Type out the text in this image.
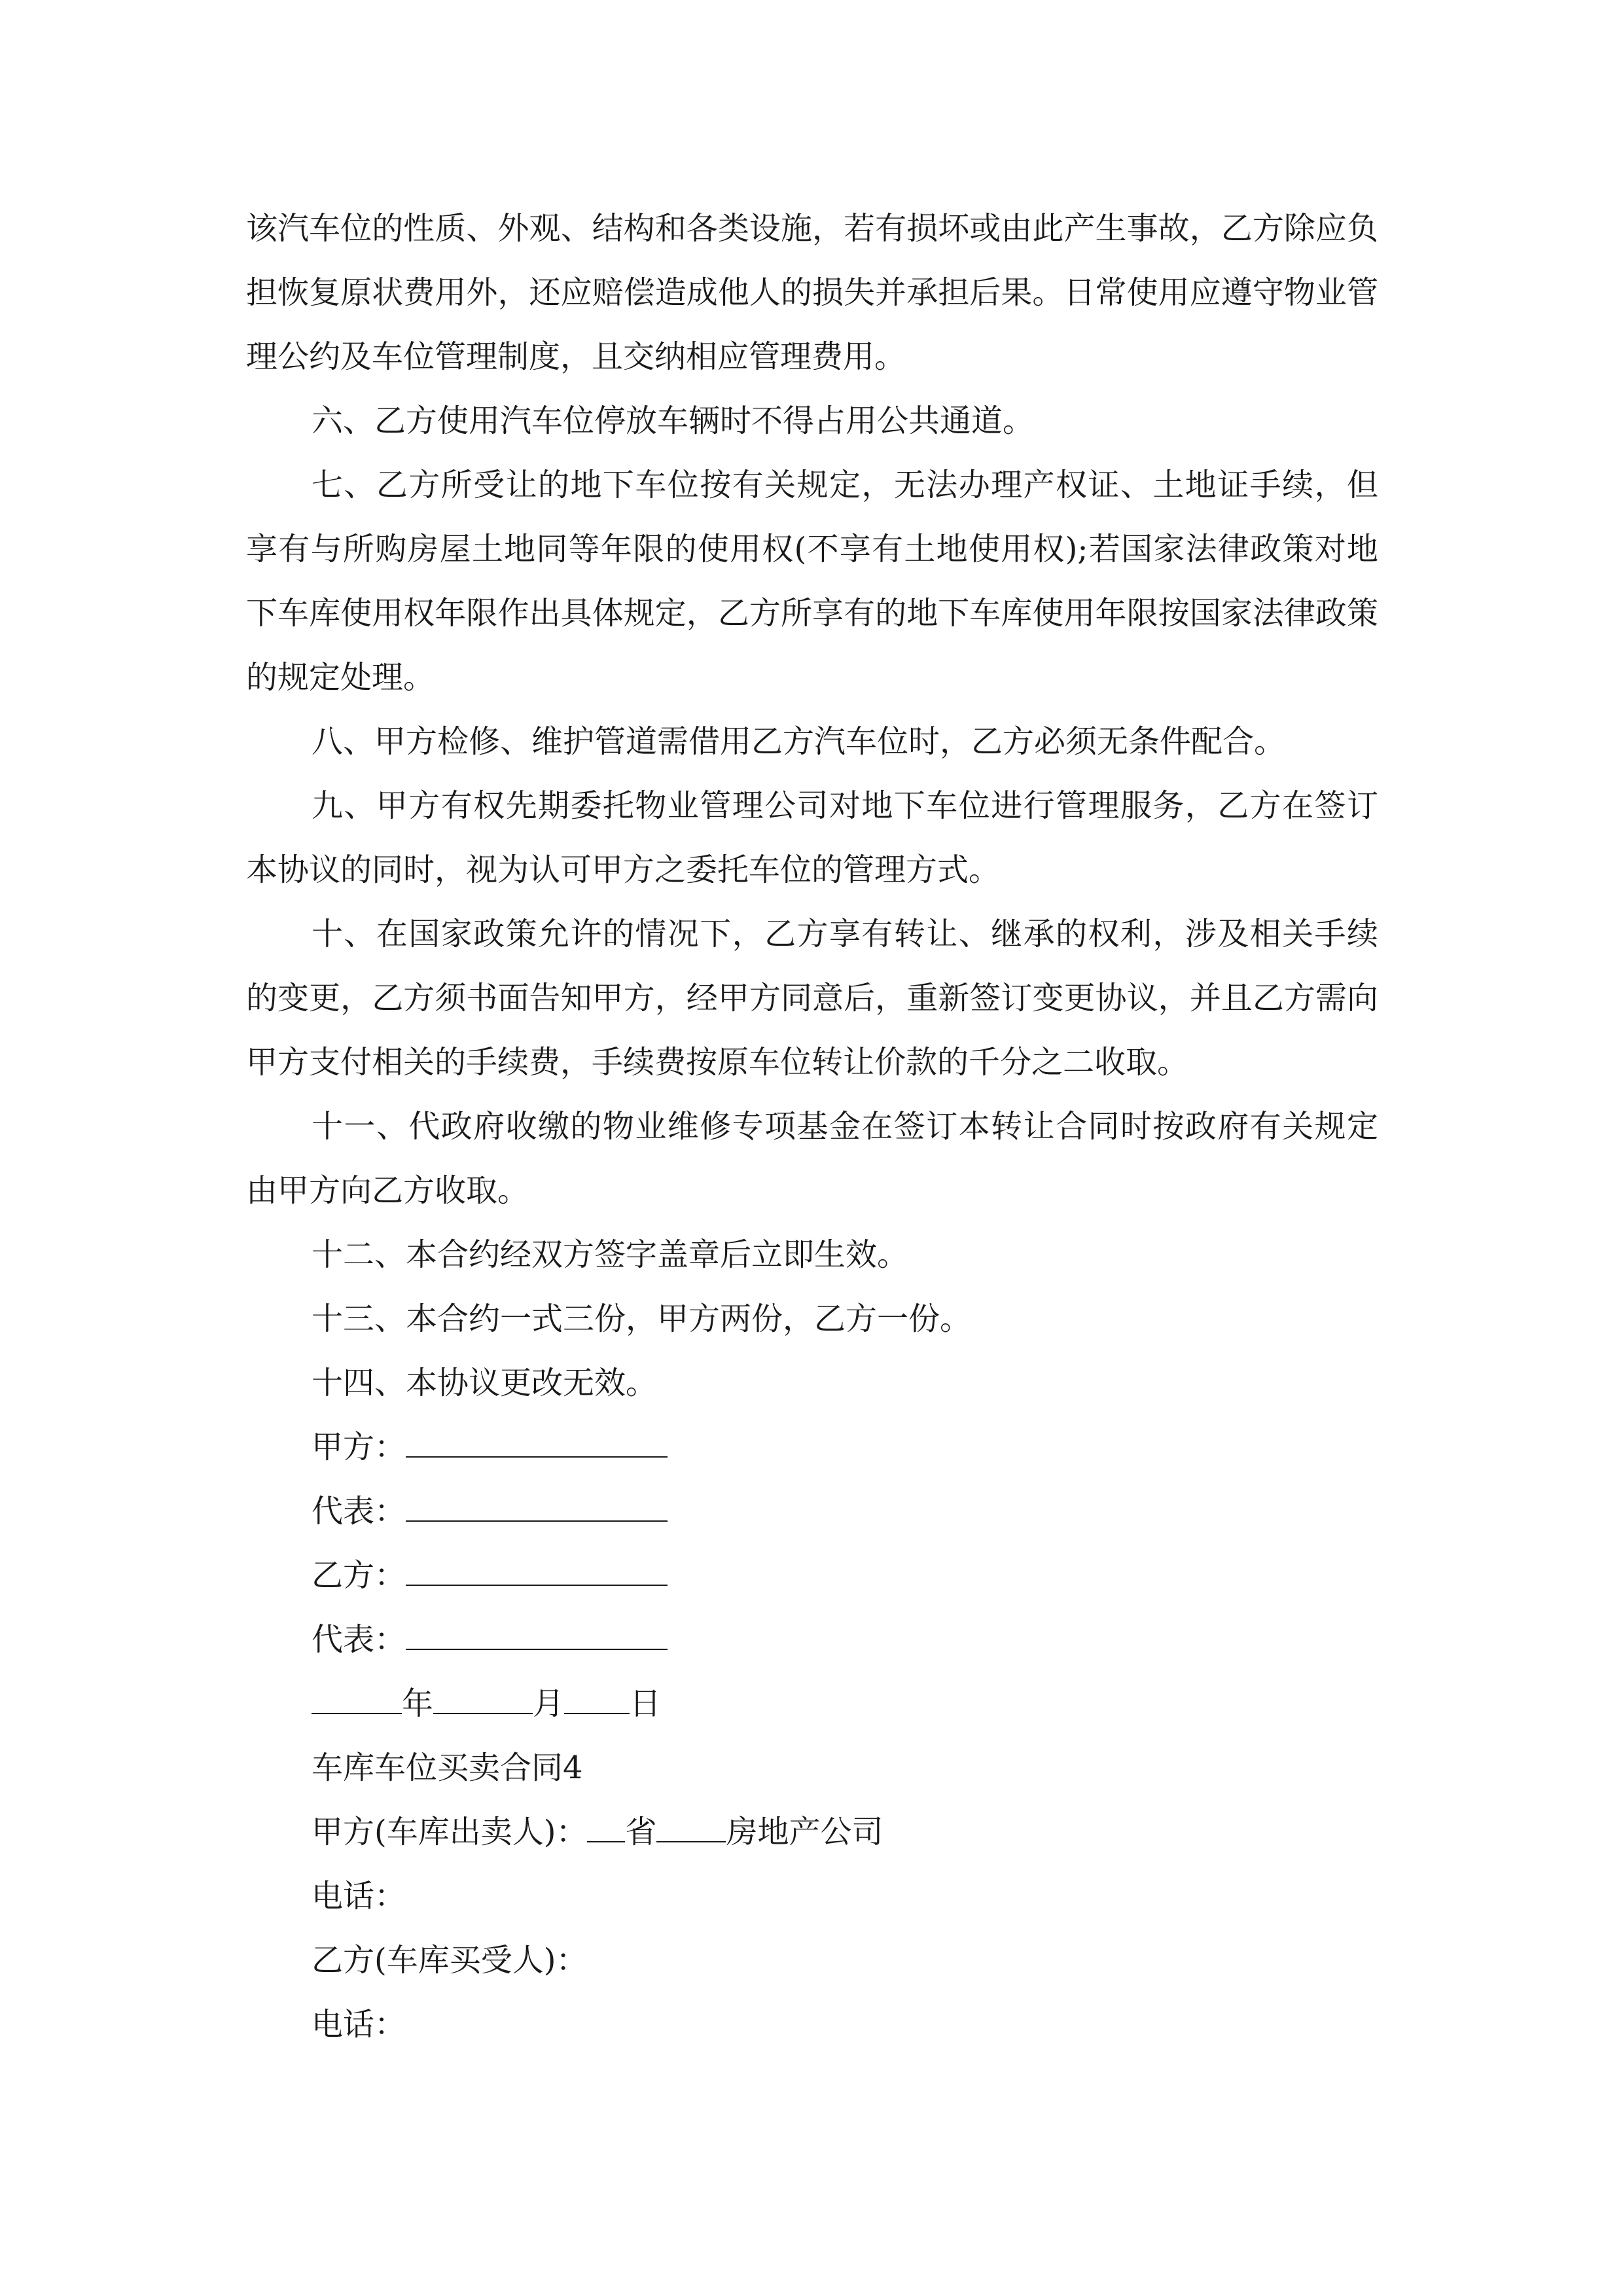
该汽车位的性质、外观、结构和各类设施，若有损坏或由此产生事故，乙方除应负担恢复原状费用外，还应赔偿造成他人的损失并承担后果。日常使用应遵守物业管理公约及车位管理制度，且交纳相应管理费用。

六、乙方使用汽车位停放车辆时不得占用公共通道。

七、乙方所受让的地下车位按有关规定，无法办理产权证、土地证手续，但享有与所购房屋土地同等年限的使用权(不享有土地使用权);若国家法律政策对地下车库使用权年限作出具体规定，乙方所享有的地下车库使用年限按国家法律政策的规定处理。

八、甲方检修、维护管道需借用乙方汽车位时，乙方必须无条件配合。

九、甲方有权先期委托物业管理公司对地下车位进行管理服务，乙方在签订本协议的同时，视为认可甲方之委托车位的管理方式。

十、在国家政策允许的情况下，乙方享有转让、继承的权利，涉及相关手续的变更，乙方须书面告知甲方，经甲方同意后，重新签订变更协议，并且乙方需向甲方支付相关的手续费，手续费按原车位转让价款的千分之二收取。

十一、代政府收缴的物业维修专项基金在签订本转让合同时按政府有关规定由甲方向乙方收取。

十二、本合约经双方签字盖章后立即生效。

十三、本合约一式三份，甲方两份，乙方一份。

十四、本协议更改无效。

甲方：
代表：
乙方：
代表：
年	月 日
车库车位买卖合同4
甲方(车库出卖人)： 省 房地产公司
电话：
乙方(车库买受人)：
电话：
